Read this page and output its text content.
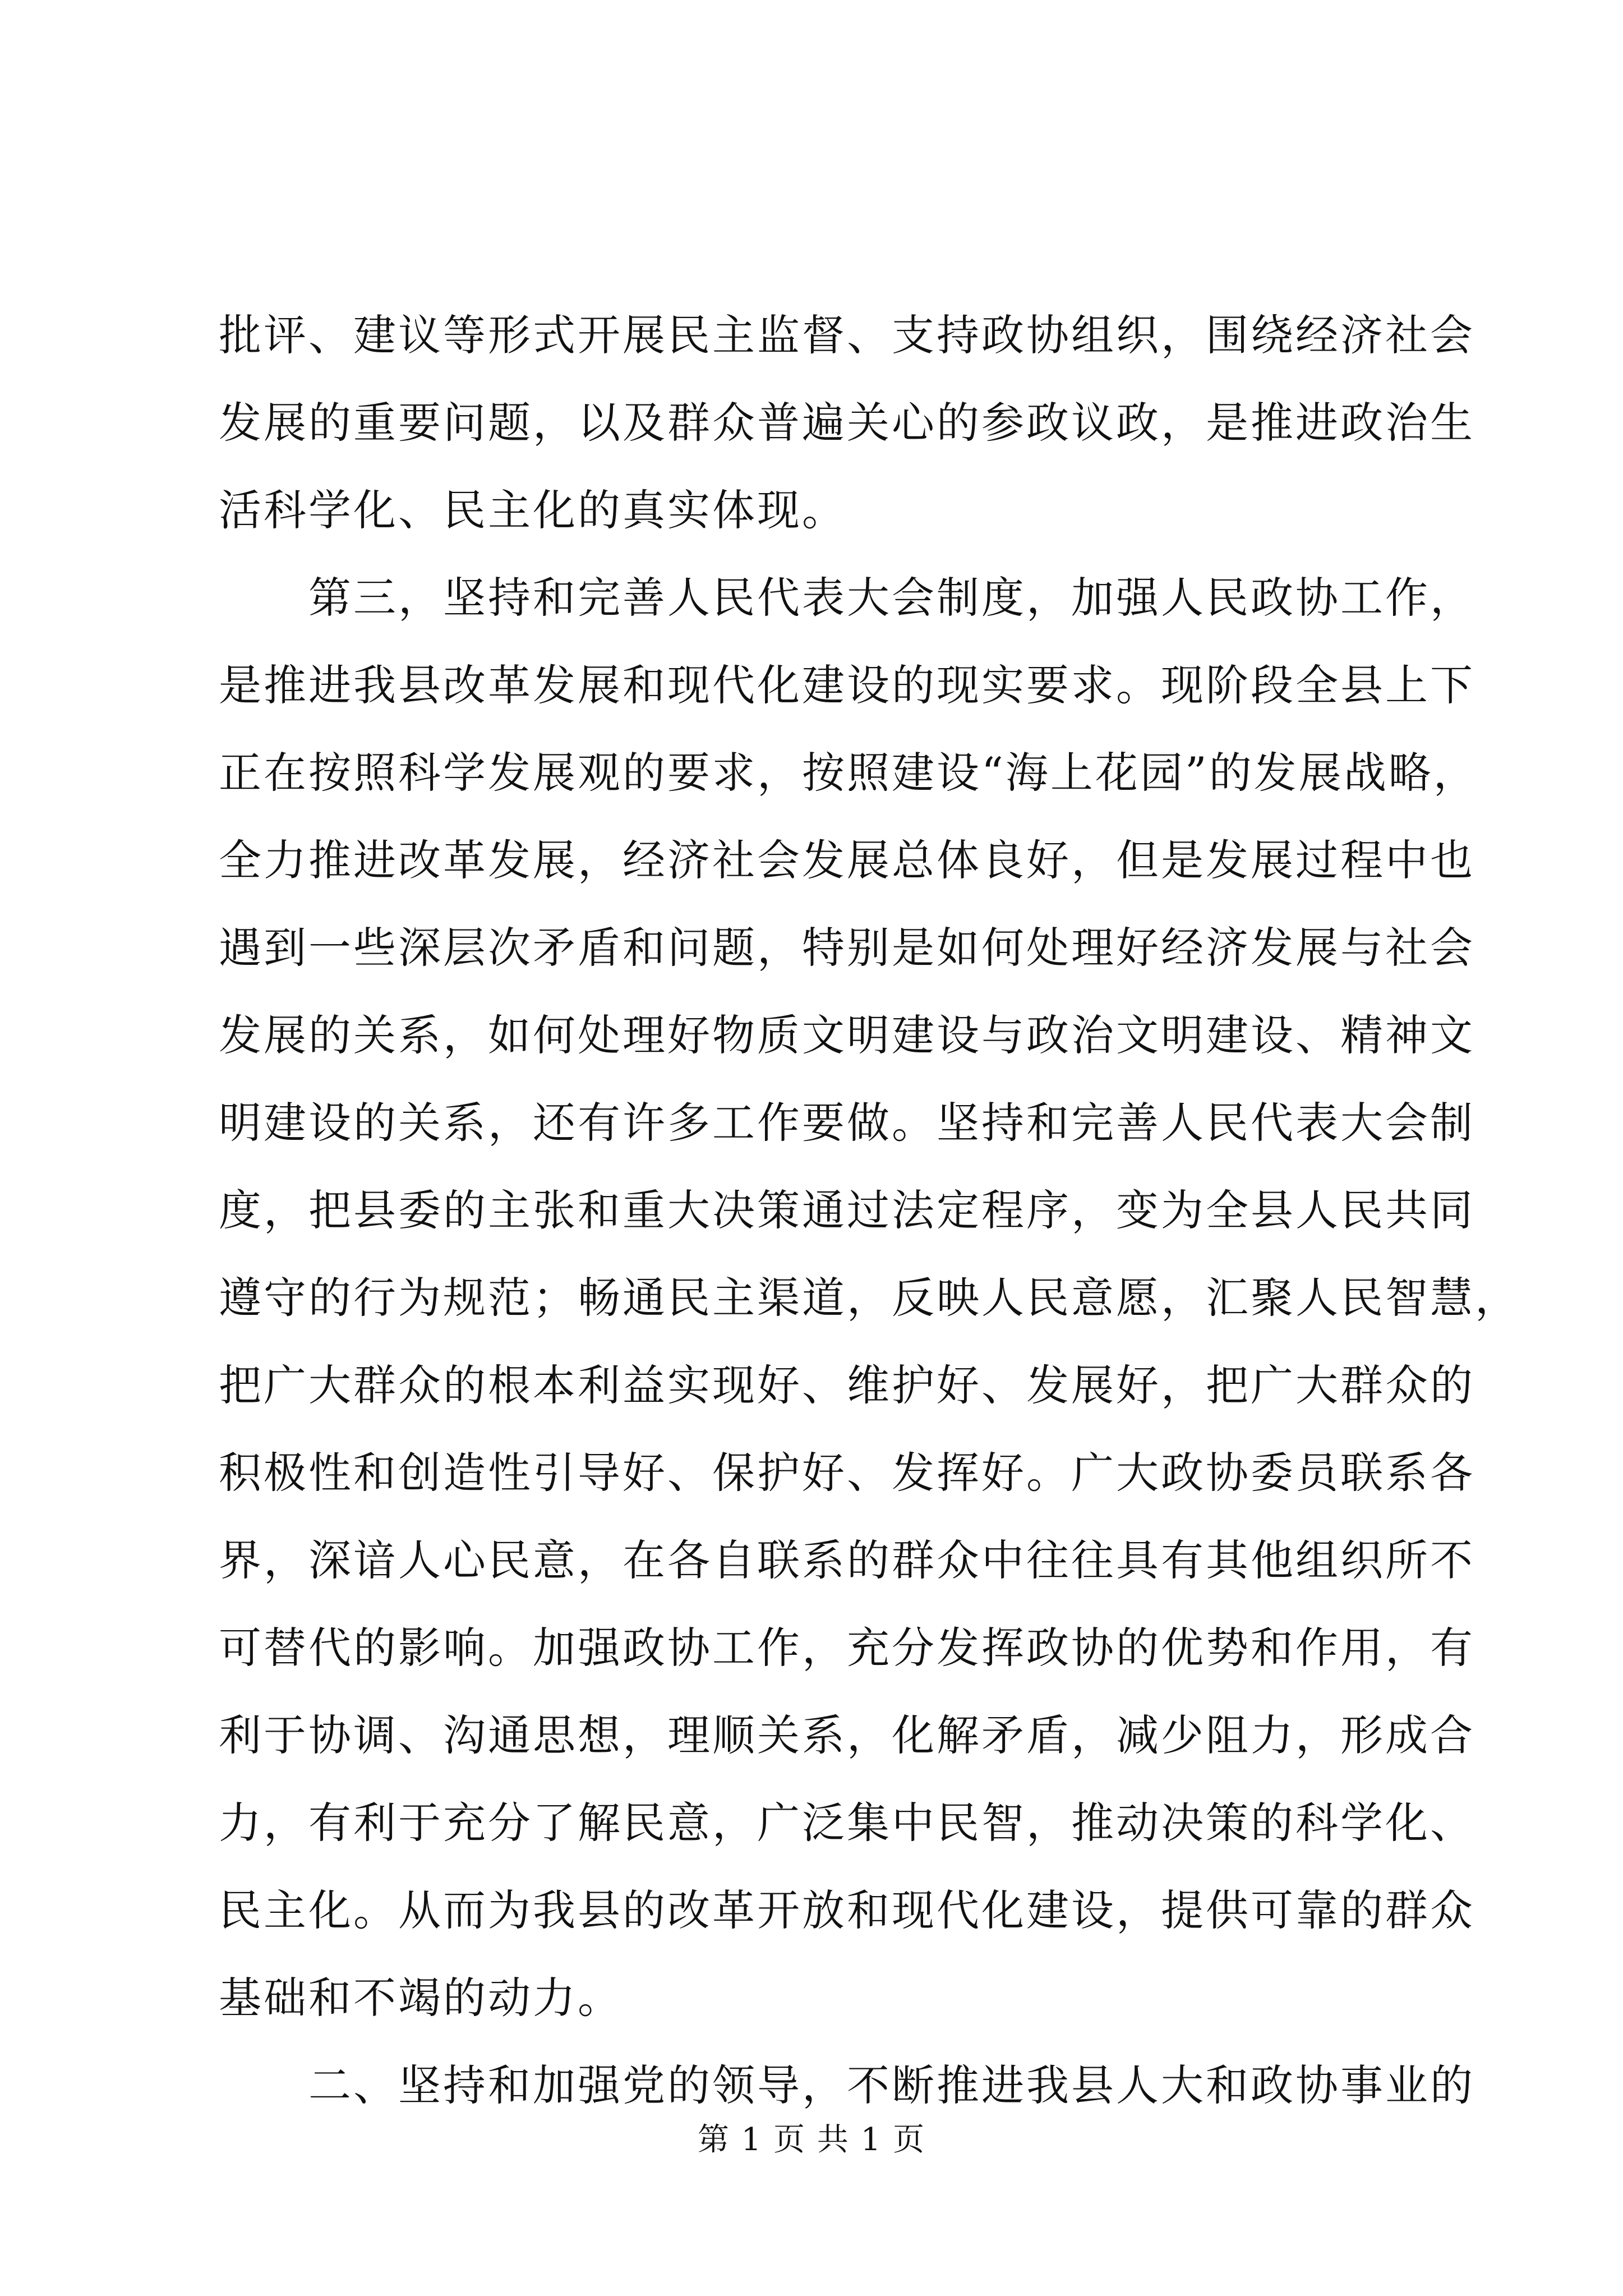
批评、建议等形式开展民主监督、支持政协组织，围绕经济社会
发展的重要问题，以及群众普遍关心的参政议政，是推进政治生
活科学化、民主化的真实体现。
　　第三，坚持和完善人民代表大会制度，加强人民政协工作，
是推进我县改革发展和现代化建设的现实要求。现阶段全县上下
正在按照科学发展观的要求，按照建设“海上花园”的发展战略，
全力推进改革发展，经济社会发展总体良好，但是发展过程中也
遇到一些深层次矛盾和问题，特别是如何处理好经济发展与社会
发展的关系，如何处理好物质文明建设与政治文明建设、精神文
明建设的关系，还有许多工作要做。坚持和完善人民代表大会制
度，把县委的主张和重大决策通过法定程序，变为全县人民共同
遵守的行为规范；畅通民主渠道，反映人民意愿，汇聚人民智慧，
把广大群众的根本利益实现好、维护好、发展好，把广大群众的
积极性和创造性引导好、保护好、发挥好。广大政协委员联系各
界，深谙人心民意，在各自联系的群众中往往具有其他组织所不
可替代的影响。加强政协工作，充分发挥政协的优势和作用，有
利于协调、沟通思想，理顺关系，化解矛盾，减少阻力，形成合
力，有利于充分了解民意，广泛集中民智，推动决策的科学化、
民主化。从而为我县的改革开放和现代化建设，提供可靠的群众
基础和不竭的动力。
　　二、坚持和加强党的领导，不断推进我县人大和政协事业的
第 1 页 共 1 页
